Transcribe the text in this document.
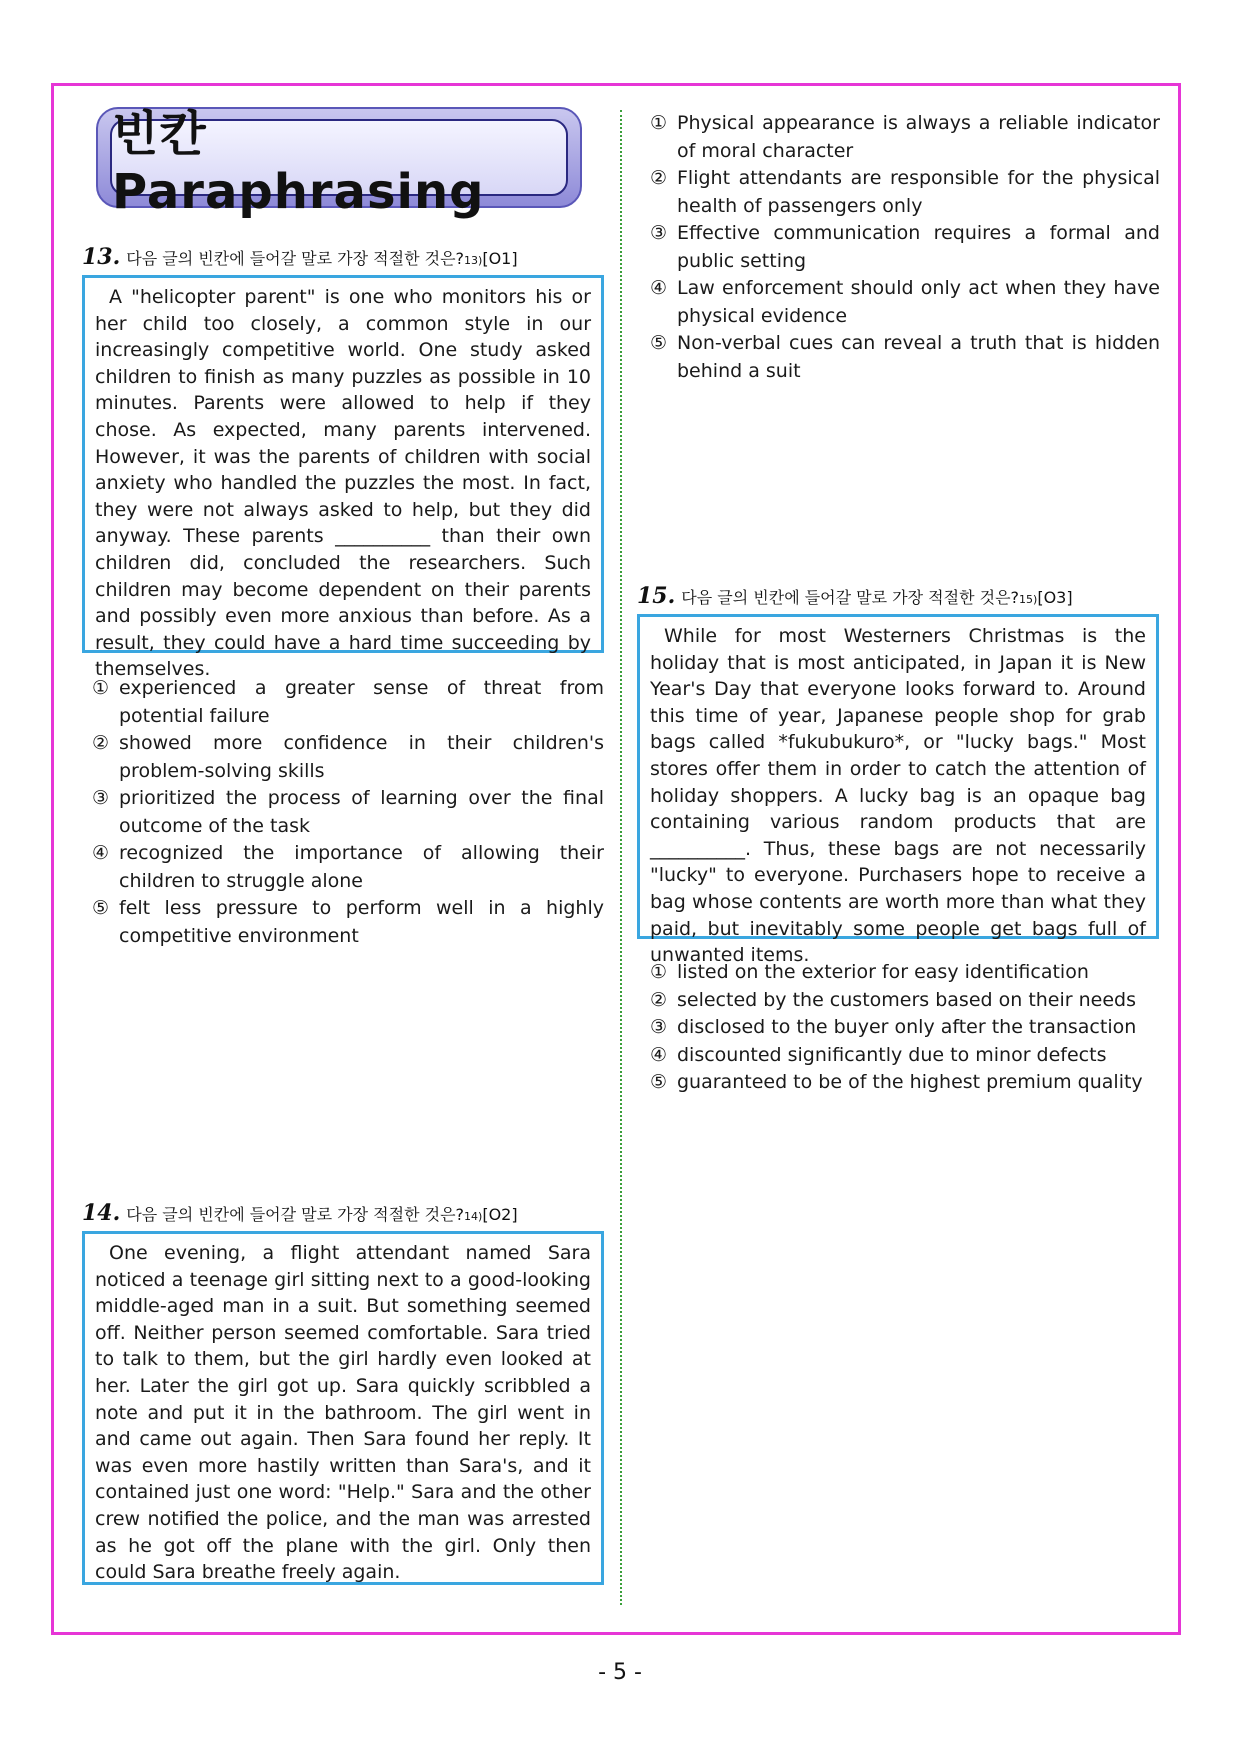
빈칸 Paraphrasing
13. 다음 글의 빈칸에 들어갈 말로 가장 적절한 것은? 13) [O1]
A "helicopter parent" is one who monitors his or her child too closely, a common style in our increasingly competitive world. One study asked children to finish as many puzzles as possible in 10 minutes. Parents were allowed to help if they chose. As expected, many parents intervened. However, it was the parents of children with social anxiety who handled the puzzles the most. In fact, they were not always asked to help, but they did anyway. These parents __________ than their own children did, concluded the researchers. Such children may become dependent on their parents and possibly even more anxious than before. As a result, they could have a hard time succeeding by themselves.
① experienced a greater sense of threat from potential failure
② showed more confidence in their children's problem-solving skills
③ prioritized the process of learning over the final outcome of the task
④ recognized the importance of allowing their children to struggle alone
⑤ felt less pressure to perform well in a highly competitive environment
14. 다음 글의 빈칸에 들어갈 말로 가장 적절한 것은? 14) [O2]
One evening, a flight attendant named Sara noticed a teenage girl sitting next to a good-looking middle-aged man in a suit. But something seemed off. Neither person seemed comfortable. Sara tried to talk to them, but the girl hardly even looked at her. Later the girl got up. Sara quickly scribbled a note and put it in the bathroom. The girl went in and came out again. Then Sara found her reply. It was even more hastily written than Sara's, and it contained just one word: "Help." Sara and the other crew notified the police, and the man was arrested as he got off the plane with the girl. Only then could Sara breathe freely again.
① Physical appearance is always a reliable indicator of moral character
② Flight attendants are responsible for the physical health of passengers only
③ Effective communication requires a formal and public setting
④ Law enforcement should only act when they have physical evidence
⑤ Non-verbal cues can reveal a truth that is hidden behind a suit
15. 다음 글의 빈칸에 들어갈 말로 가장 적절한 것은? 15) [O3]
While for most Westerners Christmas is the holiday that is most anticipated, in Japan it is New Year's Day that everyone looks forward to. Around this time of year, Japanese people shop for grab bags called *fukubukuro*, or "lucky bags." Most stores offer them in order to catch the attention of holiday shoppers. A lucky bag is an opaque bag containing various random products that are __________. Thus, these bags are not necessarily "lucky" to everyone. Purchasers hope to receive a bag whose contents are worth more than what they paid, but inevitably some people get bags full of unwanted items.
① listed on the exterior for easy identification
② selected by the customers based on their needs
③ disclosed to the buyer only after the transaction
④ discounted significantly due to minor defects
⑤ guaranteed to be of the highest premium quality
- 5 -
